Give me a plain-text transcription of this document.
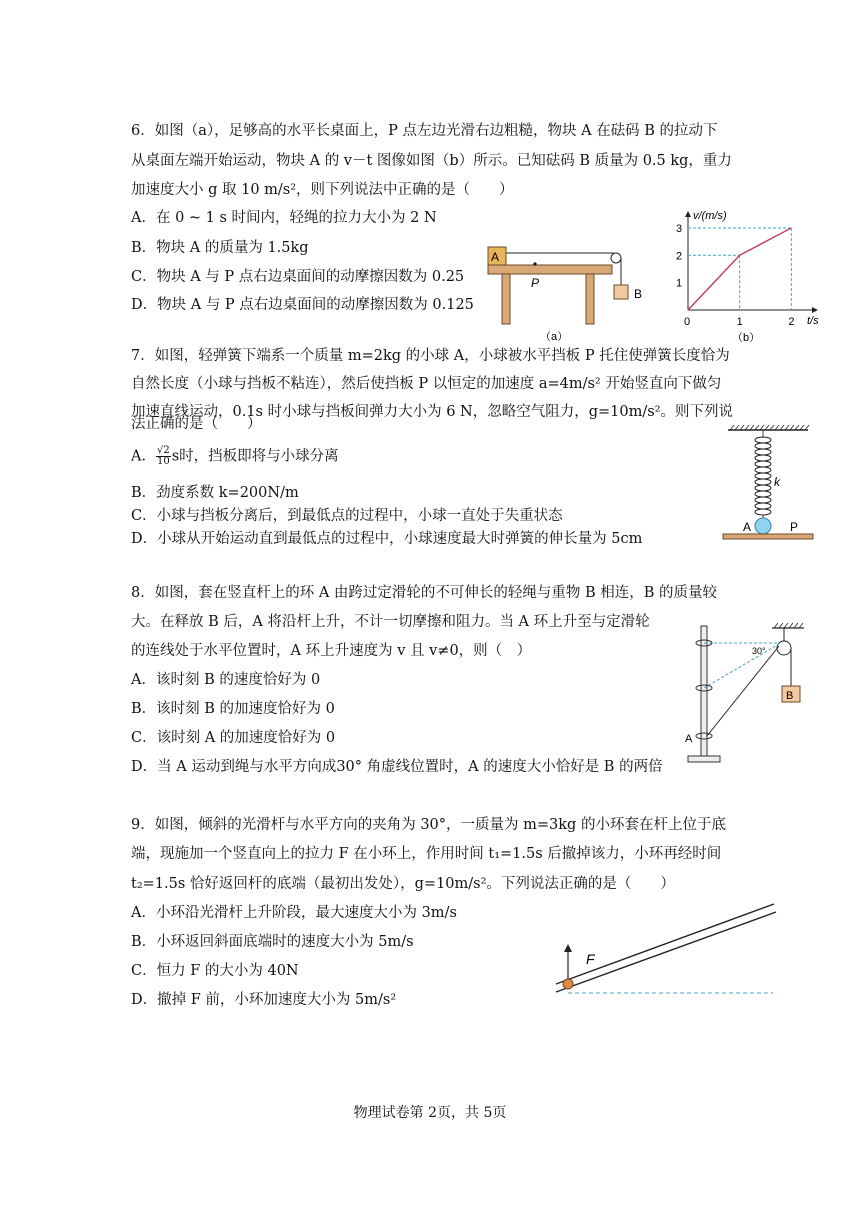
6．如图（a），足够高的水平长桌面上，P 点左边光滑右边粗糙，物块 A 在砝码 B 的拉动下
从桌面左端开始运动，物块 A 的 v－t 图像如图（b）所示。已知砝码 B 质量为 0.5 kg，重力
加速度大小 g 取 10 m/s²，则下列说法中正确的是（　　）
A．在 0 ~ 1 s 时间内，轻绳的拉力大小为 2 N
B．物块 A 的质量为 1.5kg
C．物块 A 与 P 点右边桌面间的动摩擦因数为 0.25
D．物块 A 与 P 点右边桌面间的动摩擦因数为 0.125
A
B
P
（a）
v/(m/s)
t/s
1
2
3
0	1	2
（b）
7．如图，轻弹簧下端系一个质量 m=2kg 的小球 A，小球被水平挡板 P 托住使弹簧长度恰为
自然长度（小球与挡板不粘连），然后使挡板 P 以恒定的加速度 a=4m/s² 开始竖直向下做匀
加速直线运动，0.1s 时小球与挡板间弹力大小为 6 N，忽略空气阻力，g=10m/s²。则下列说
法正确的是（　　）
A． $\frac{√2}{10}$ s时，挡板即将与小球分离
B．劲度系数 k=200N/m
C．小球与挡板分离后，到最低点的过程中，小球一直处于失重状态
D．小球从开始运动直到最低点的过程中，小球速度最大时弹簧的伸长量为 5cm
k
A	P
8．如图，套在竖直杆上的环 A 由跨过定滑轮的不可伸长的轻绳与重物 B 相连，B 的质量较
大。在释放 B 后，A 将沿杆上升，不计一切摩擦和阻力。当 A 环上升至与定滑轮
的连线处于水平位置时，A 环上升速度为 v 且 v≠0，则（　）
A．该时刻 B 的速度恰好为 0
B．该时刻 B 的加速度恰好为 0
C．该时刻 A 的加速度恰好为 0
D．当 A 运动到绳与水平方向成30° 角虚线位置时，A 的速度大小恰好是 B 的两倍
B
A
30°
9．如图，倾斜的光滑杆与水平方向的夹角为 30°，一质量为 m=3kg 的小环套在杆上位于底
端，现施加一个竖直向上的拉力 F 在小环上，作用时间 t₁=1.5s 后撤掉该力，小环再经时间
t₂=1.5s 恰好返回杆的底端（最初出发处），g=10m/s²。下列说法正确的是（　　）
A．小环沿光滑杆上升阶段，最大速度大小为 3m/s
B．小环返回斜面底端时的速度大小为 5m/s
C．恒力 F 的大小为 40N
D．撤掉 F 前，小环加速度大小为 5m/s²
F
物理试卷第 2页，共 5页
